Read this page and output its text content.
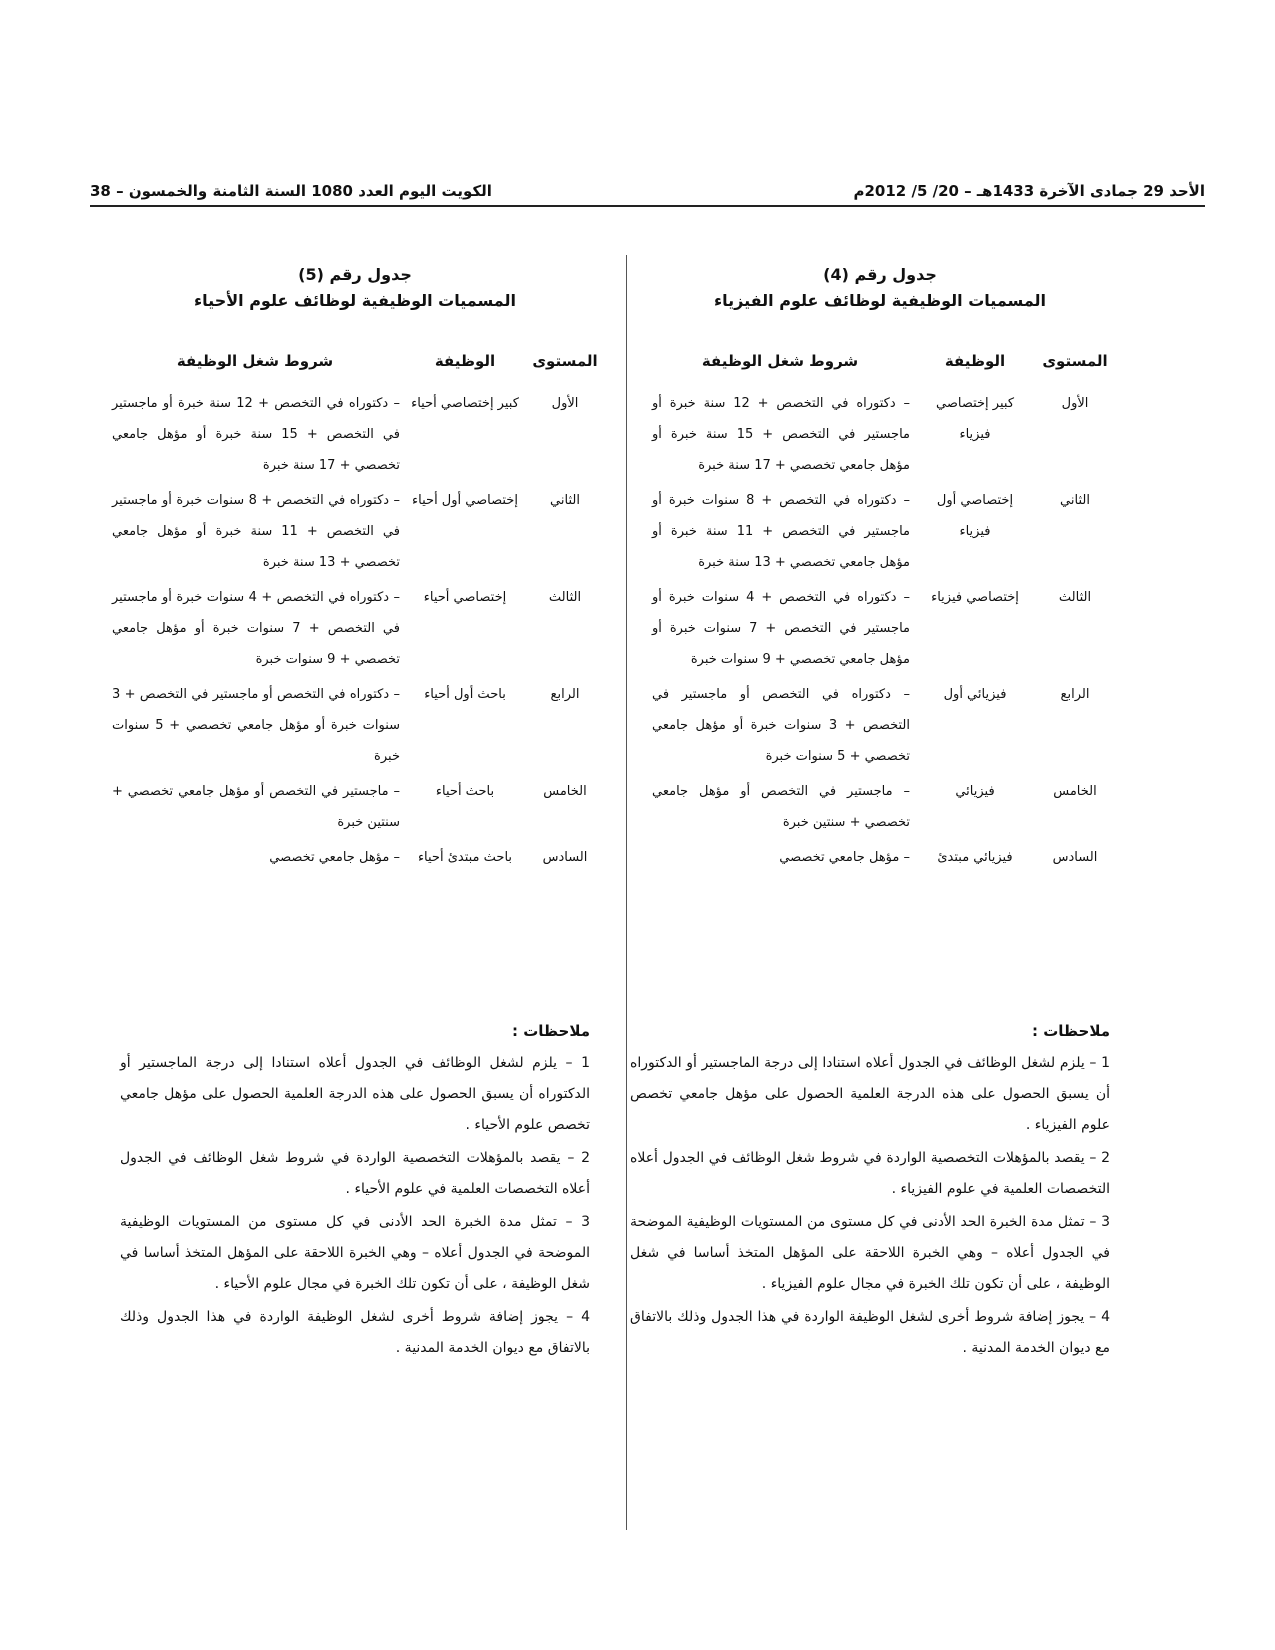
الأحد 29 جمادى الآخرة 1433هـ – 20/ 5/ 2012م
الكويت اليوم العدد 1080 السنة الثامنة والخمسون – 38
جدول رقم (4)
المسميات الوظيفية لوظائف علوم الفيزياء
المستوى
الوظيفة
شروط شغل الوظيفة
الأول
كبير إختصاصي فيزياء
– دكتوراه في التخصص + 12 سنة خبرة أو ماجستير في التخصص + 15 سنة خبرة أو مؤهل جامعي تخصصي + 17 سنة خبرة
الثاني
إختصاصي أول فيزياء
– دكتوراه في التخصص + 8 سنوات خبرة أو ماجستير في التخصص + 11 سنة خبرة أو مؤهل جامعي تخصصي + 13 سنة خبرة
الثالث
إختصاصي فيزياء
– دكتوراه في التخصص + 4 سنوات خبرة أو ماجستير في التخصص + 7 سنوات خبرة أو مؤهل جامعي تخصصي + 9 سنوات خبرة
الرابع
فيزيائي أول
– دكتوراه في التخصص أو ماجستير في التخصص + 3 سنوات خبرة أو مؤهل جامعي تخصصي + 5 سنوات خبرة
الخامس
فيزيائي
– ماجستير في التخصص أو مؤهل جامعي تخصصي + سنتين خبرة
السادس
فيزيائي مبتدئ
– مؤهل جامعي تخصصي
جدول رقم (5)
المسميات الوظيفية لوظائف علوم الأحياء
المستوى
الوظيفة
شروط شغل الوظيفة
الأول
كبير إختصاصي أحياء
– دكتوراه في التخصص + 12 سنة خبرة أو ماجستير في التخصص + 15 سنة خبرة أو مؤهل جامعي تخصصي + 17 سنة خبرة
الثاني
إختصاصي أول أحياء
– دكتوراه في التخصص + 8 سنوات خبرة أو ماجستير في التخصص + 11 سنة خبرة أو مؤهل جامعي تخصصي + 13 سنة خبرة
الثالث
إختصاصي أحياء
– دكتوراه في التخصص + 4 سنوات خبرة أو ماجستير في التخصص + 7 سنوات خبرة أو مؤهل جامعي تخصصي + 9 سنوات خبرة
الرابع
باحث أول أحياء
– دكتوراه في التخصص أو ماجستير في التخصص + 3 سنوات خبرة أو مؤهل جامعي تخصصي + 5 سنوات خبرة
الخامس
باحث أحياء
– ماجستير في التخصص أو مؤهل جامعي تخصصي + سنتين خبرة
السادس
باحث مبتدئ أحياء
– مؤهل جامعي تخصصي
ملاحظات :
1 – يلزم لشغل الوظائف في الجدول أعلاه استنادا إلى درجة الماجستير أو الدكتوراه أن يسبق الحصول على هذه الدرجة العلمية الحصول على مؤهل جامعي تخصص علوم الفيزياء .
2 – يقصد بالمؤهلات التخصصية الواردة في شروط شغل الوظائف في الجدول أعلاه التخصصات العلمية في علوم الفيزياء .
3 – تمثل مدة الخبرة الحد الأدنى في كل مستوى من المستويات الوظيفية الموضحة في الجدول أعلاه – وهي الخبرة اللاحقة على المؤهل المتخذ أساسا في شغل الوظيفة ، على أن تكون تلك الخبرة في مجال علوم الفيزياء .
4 – يجوز إضافة شروط أخرى لشغل الوظيفة الواردة في هذا الجدول وذلك بالاتفاق مع ديوان الخدمة المدنية .
ملاحظات :
1 – يلزم لشغل الوظائف في الجدول أعلاه استنادا إلى درجة الماجستير أو الدكتوراه أن يسبق الحصول على هذه الدرجة العلمية الحصول على مؤهل جامعي تخصص علوم الأحياء .
2 – يقصد بالمؤهلات التخصصية الواردة في شروط شغل الوظائف في الجدول أعلاه التخصصات العلمية في علوم الأحياء .
3 – تمثل مدة الخبرة الحد الأدنى في كل مستوى من المستويات الوظيفية الموضحة في الجدول أعلاه – وهي الخبرة اللاحقة على المؤهل المتخذ أساسا في شغل الوظيفة ، على أن تكون تلك الخبرة في مجال علوم الأحياء .
4 – يجوز إضافة شروط أخرى لشغل الوظيفة الواردة في هذا الجدول وذلك بالاتفاق مع ديوان الخدمة المدنية .
